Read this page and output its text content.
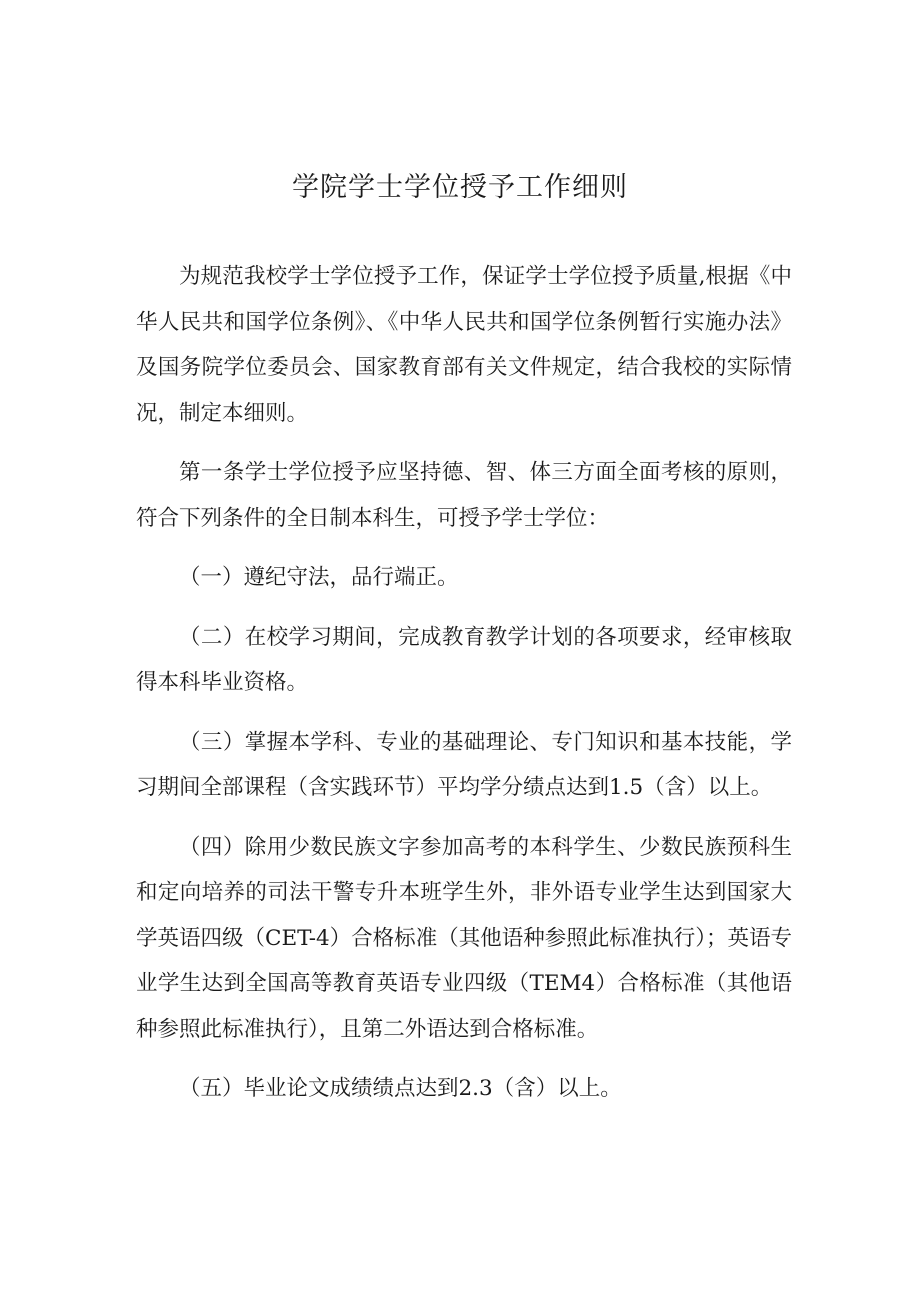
学院学士学位授予工作细则

为规范我校学士学位授予工作，保证学士学位授予质量,根据《中华人民共和国学位条例》、《中华人民共和国学位条例暂行实施办法》及国务院学位委员会、国家教育部有关文件规定，结合我校的实际情况，制定本细则。

第一条学士学位授予应坚持德、智、体三方面全面考核的原则，符合下列条件的全日制本科生，可授予学士学位：

（一）遵纪守法，品行端正。

（二）在校学习期间，完成教育教学计划的各项要求，经审核取得本科毕业资格。

（三）掌握本学科、专业的基础理论、专门知识和基本技能，学习期间全部课程（含实践环节）平均学分绩点达到1.5（含）以上。

（四）除用少数民族文字参加高考的本科学生、少数民族预科生和定向培养的司法干警专升本班学生外，非外语专业学生达到国家大学英语四级（CET-4）合格标准（其他语种参照此标准执行）；英语专业学生达到全国高等教育英语专业四级（TEM4）合格标准（其他语种参照此标准执行），且第二外语达到合格标准。

（五）毕业论文成绩绩点达到2.3（含）以上。
